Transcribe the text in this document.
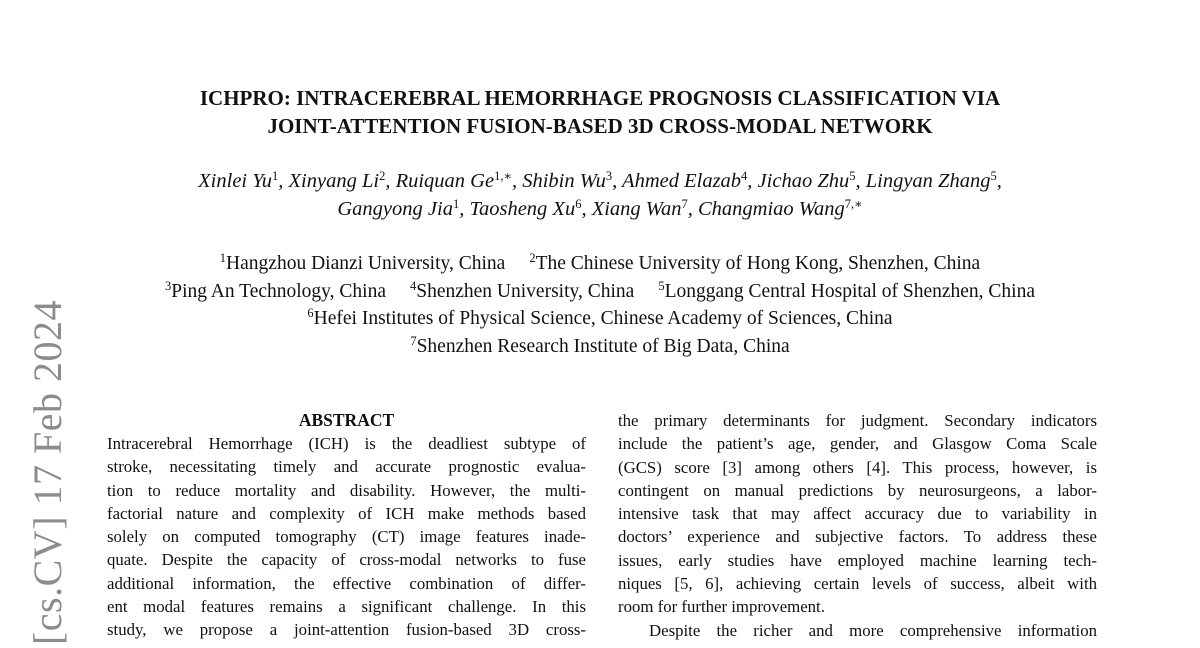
[cs.CV] 17 Feb 2024
ICHPRO: INTRACEREBRAL HEMORRHAGE PROGNOSIS CLASSIFICATION VIA
JOINT-ATTENTION FUSION-BASED 3D CROSS-MODAL NETWORK
Xinlei Yu$^1$, Xinyang Li$^2$, Ruiquan $Ge^{1,∗}$, Shibin Wu$^3$, Ahmed Elazab$^4$, Jichao Zhu$^5$, Lingyan Zhang$^5$,
Gangyong Jia$^1$, Taosheng Xu$^6$, Xiang Wan$^7$, Changmiao Wang$^{7,∗}$
$^1$Hangzhou Dianzi University, China $^2$The Chinese University of Hong Kong, Shenzhen, China
$^3$Ping An Technology, China $^4$Shenzhen University, China $^5$Longgang Central Hospital of Shenzhen, China
$^6$Hefei Institutes of Physical Science, Chinese Academy of Sciences, China
$^7$Shenzhen Research Institute of Big Data, China

ABSTRACT

Intracerebral Hemorrhage (ICH) is the deadliest subtype of
stroke, necessitating timely and accurate prognostic evalua-
tion to reduce mortality and disability. However, the multi-
factorial nature and complexity of ICH make methods based
solely on computed tomography (CT) image features inade-
quate. Despite the capacity of cross-modal networks to fuse
additional information, the effective combination of differ-
ent modal features remains a significant challenge. In this
study, we propose a joint-attention fusion-based 3D cross-

the primary determinants for judgment. Secondary indicators
include the patient’s age, gender, and Glasgow Coma Scale
(GCS) score [3] among others [4]. This process, however, is
contingent on manual predictions by neurosurgeons, a labor-
intensive task that may affect accuracy due to variability in
doctors’ experience and subjective factors. To address these
issues, early studies have employed machine learning tech-
niques [5, 6], achieving certain levels of success, albeit with
room for further improvement.
Despite the richer and more comprehensive information
